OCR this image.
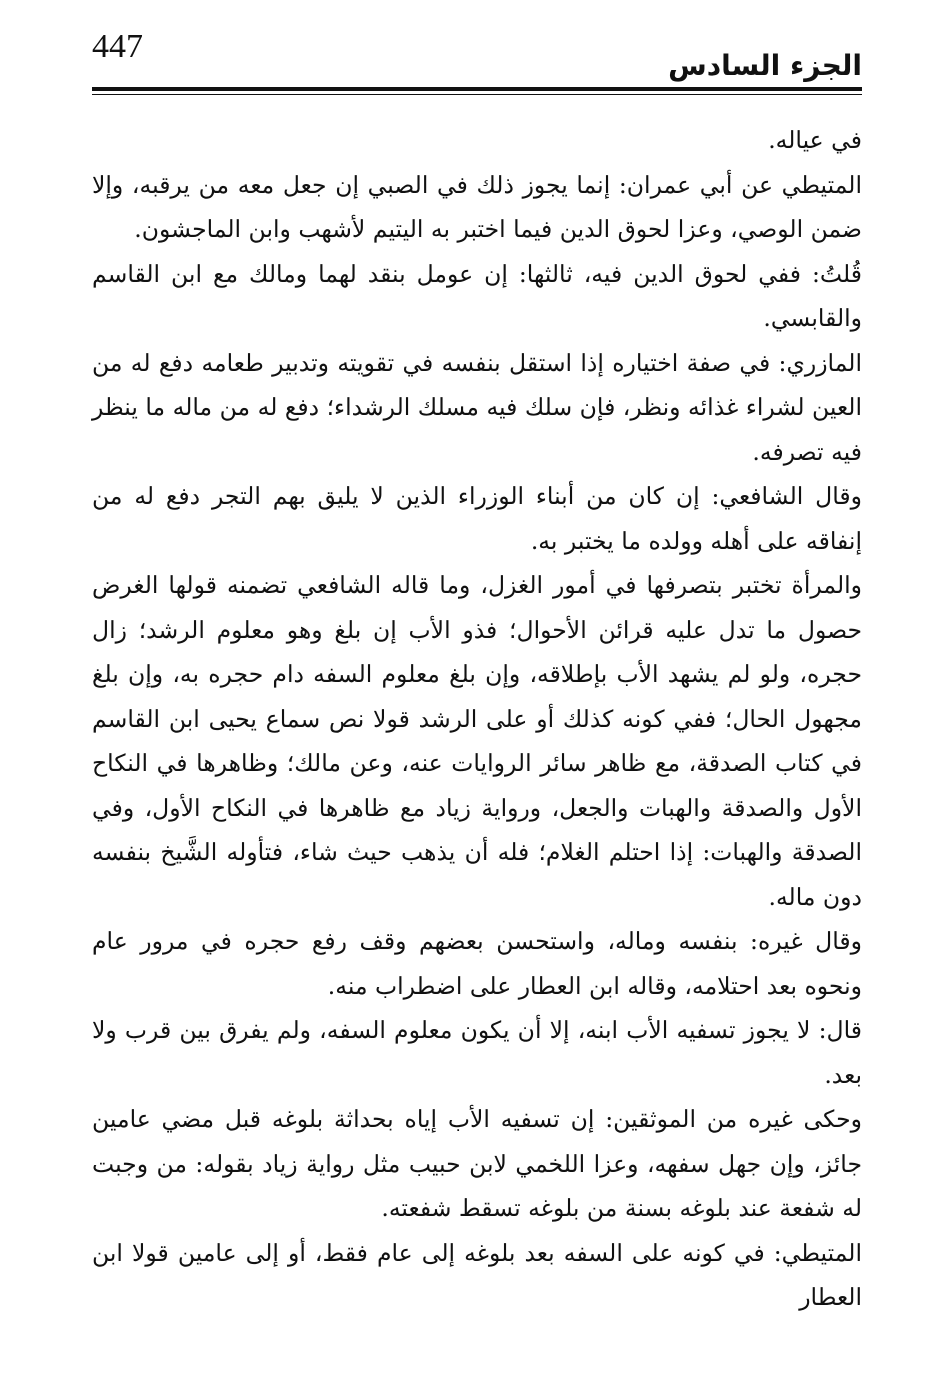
447

الجزء السادس

في عياله.

المتيطي عن أبي عمران: إنما يجوز ذلك في الصبي إن جعل معه من يرقبه، وإلا ضمن الوصي، وعزا لحوق الدين فيما اختبر به اليتيم لأشهب وابن الماجشون.

قُلتُ: ففي لحوق الدين فيه، ثالثها: إن عومل بنقد لهما ومالك مع ابن القاسم والقابسي.

المازري: في صفة اختياره إذا استقل بنفسه في تقويته وتدبير طعامه دفع له من العين لشراء غذائه ونظر، فإن سلك فيه مسلك الرشداء؛ دفع له من ماله ما ينظر فيه تصرفه.

وقال الشافعي: إن كان من أبناء الوزراء الذين لا يليق بهم التجر دفع له من إنفاقه على أهله وولده ما يختبر به.

والمرأة تختبر بتصرفها في أمور الغزل، وما قاله الشافعي تضمنه قولها الغرض حصول ما تدل عليه قرائن الأحوال؛ فذو الأب إن بلغ وهو معلوم الرشد؛ زال حجره، ولو لم يشهد الأب بإطلاقه، وإن بلغ معلوم السفه دام حجره به، وإن بلغ مجهول الحال؛ ففي كونه كذلك أو على الرشد قولا نص سماع يحيى ابن القاسم في كتاب الصدقة، مع ظاهر سائر الروايات عنه، وعن مالك؛ وظاهرها في النكاح الأول والصدقة والهبات والجعل، ورواية زياد مع ظاهرها في النكاح الأول، وفي الصدقة والهبات: إذا احتلم الغلام؛ فله أن يذهب حيث شاء، فتأوله الشَّيخ بنفسه دون ماله.

وقال غيره: بنفسه وماله، واستحسن بعضهم وقف رفع حجره في مرور عام ونحوه بعد احتلامه، وقاله ابن العطار على اضطراب منه.

قال: لا يجوز تسفيه الأب ابنه، إلا أن يكون معلوم السفه، ولم يفرق بين قرب ولا بعد.

وحكى غيره من الموثقين: إن تسفيه الأب إياه بحداثة بلوغه قبل مضي عامين جائز، وإن جهل سفهه، وعزا اللخمي لابن حبيب مثل رواية زياد بقوله: من وجبت له شفعة عند بلوغه بسنة من بلوغه تسقط شفعته.

المتيطي: في كونه على السفه بعد بلوغه إلى عام فقط، أو إلى عامين قولا ابن العطار
